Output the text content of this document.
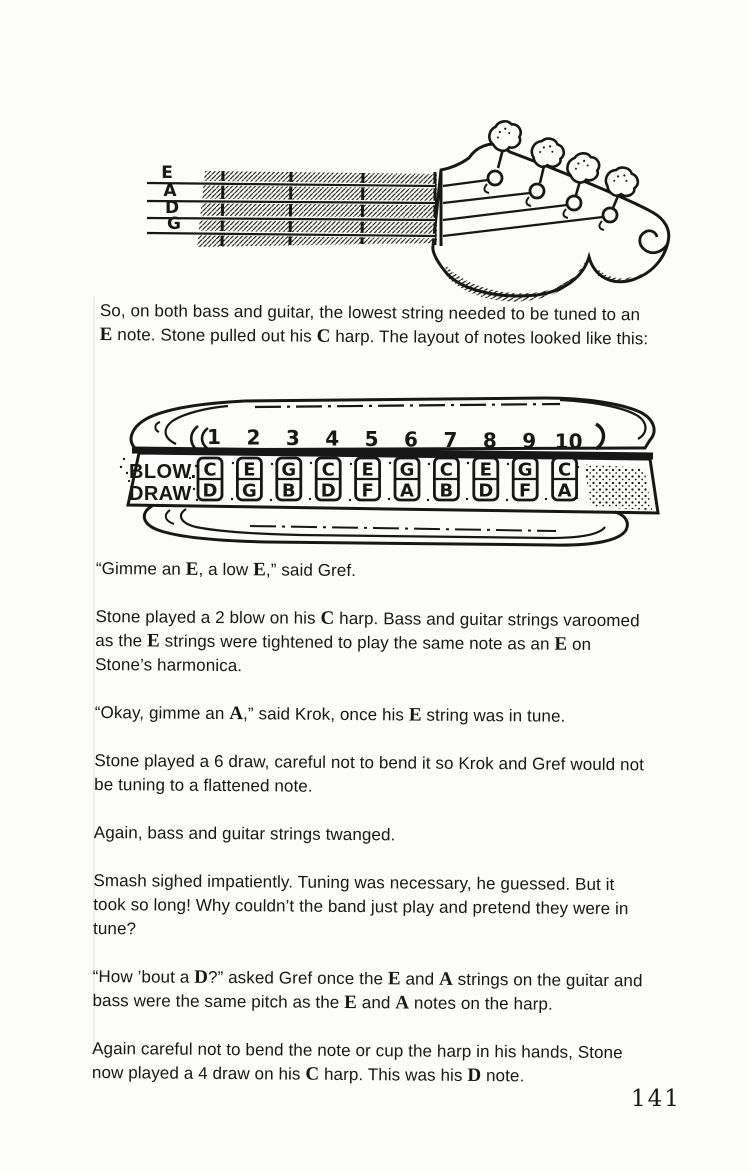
E
A
D
G

So, on both bass and guitar, the lowest string needed to be tuned to an E note. Stone pulled out his C harp. The layout of notes looked like this:

BLOW.
DRAW
1 2 3 4 5 6 7 8 9 10
C
D
E
G
G
B
C
D
E
F
G
A
C
B
E
D
G
F
C
A

“Gimme an E, a low E,” said Gref.

Stone played a 2 blow on his C harp. Bass and guitar strings varoomed as the E strings were tightened to play the same note as an E on Stone’s harmonica.

“Okay, gimme an A,” said Krok, once his E string was in tune.

Stone played a 6 draw, careful not to bend it so Krok and Gref would not be tuning to a flattened note.

Again, bass and guitar strings twanged.

Smash sighed impatiently. Tuning was necessary, he guessed. But it took so long! Why couldn’t the band just play and pretend they were in tune?

“How ’bout a D?” asked Gref once the E and A strings on the guitar and bass were the same pitch as the E and A notes on the harp.

Again careful not to bend the note or cup the harp in his hands, Stone now played a 4 draw on his C harp. This was his D note.

141
